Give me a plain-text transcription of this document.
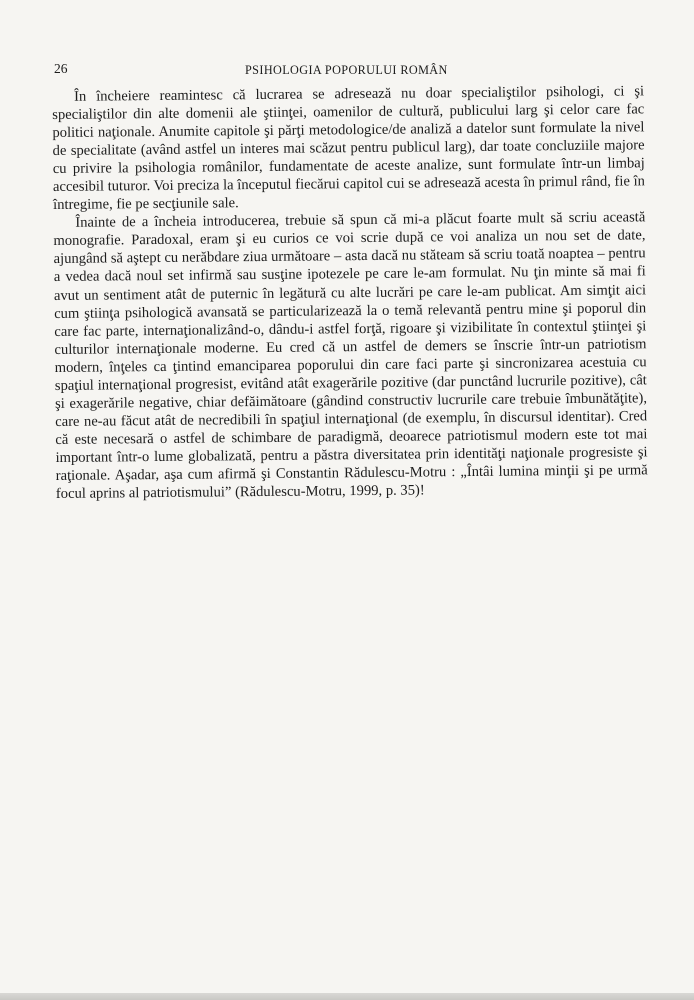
26	PSIHOLOGIA POPORULUI ROMÂN

În încheiere reamintesc că lucrarea se adresează nu doar specialiştilor psihologi, ci şi specialiştilor din alte domenii ale ştiinţei, oamenilor de cultură, publicului larg şi celor care fac politici naţionale. Anumite capitole şi părţi metodologice/de analiză a datelor sunt formulate la nivel de specialitate (având astfel un interes mai scăzut pentru publicul larg), dar toate concluziile majore cu privire la psihologia românilor, fundamentate de aceste analize, sunt formulate într-un limbaj accesibil tuturor. Voi preciza la începutul fiecărui capitol cui se adresează acesta în primul rând, fie în întregime, fie pe secţiunile sale.

Înainte de a încheia introducerea, trebuie să spun că mi-a plăcut foarte mult să scriu această monografie. Paradoxal, eram şi eu curios ce voi scrie după ce voi analiza un nou set de date, ajungând să aştept cu nerăbdare ziua următoare – asta dacă nu stăteam să scriu toată noaptea – pentru a vedea dacă noul set infirmă sau susţine ipotezele pe care le-am formulat. Nu ţin minte să mai fi avut un sentiment atât de puternic în legătură cu alte lucrări pe care le-am publicat. Am simţit aici cum ştiinţa psihologică avansată se particularizează la o temă relevantă pentru mine şi poporul din care fac parte, internaţionalizând-o, dându-i astfel forţă, rigoare şi vizibilitate în contextul ştiinţei şi culturilor internaţionale moderne. Eu cred că un astfel de demers se înscrie într-un patriotism modern, înţeles ca ţintind emanciparea poporului din care faci parte şi sincronizarea acestuia cu spaţiul internaţional progresist, evitând atât exagerările pozitive (dar punctând lucrurile pozitive), cât şi exagerările negative, chiar defăimătoare (gândind constructiv lucrurile care trebuie îmbunătăţite), care ne-au făcut atât de necredibili în spaţiul internaţional (de exemplu, în discursul identitar). Cred că este necesară o astfel de schimbare de paradigmă, deoarece patriotismul modern este tot mai important într-o lume globalizată, pentru a păstra diversitatea prin identităţi naţionale progresiste şi raţionale. Aşadar, aşa cum afirmă şi Constantin Rădulescu-Motru : „Întâi lumina minţii şi pe urmă focul aprins al patriotismului” (Rădulescu-Motru, 1999, p. 35)!
